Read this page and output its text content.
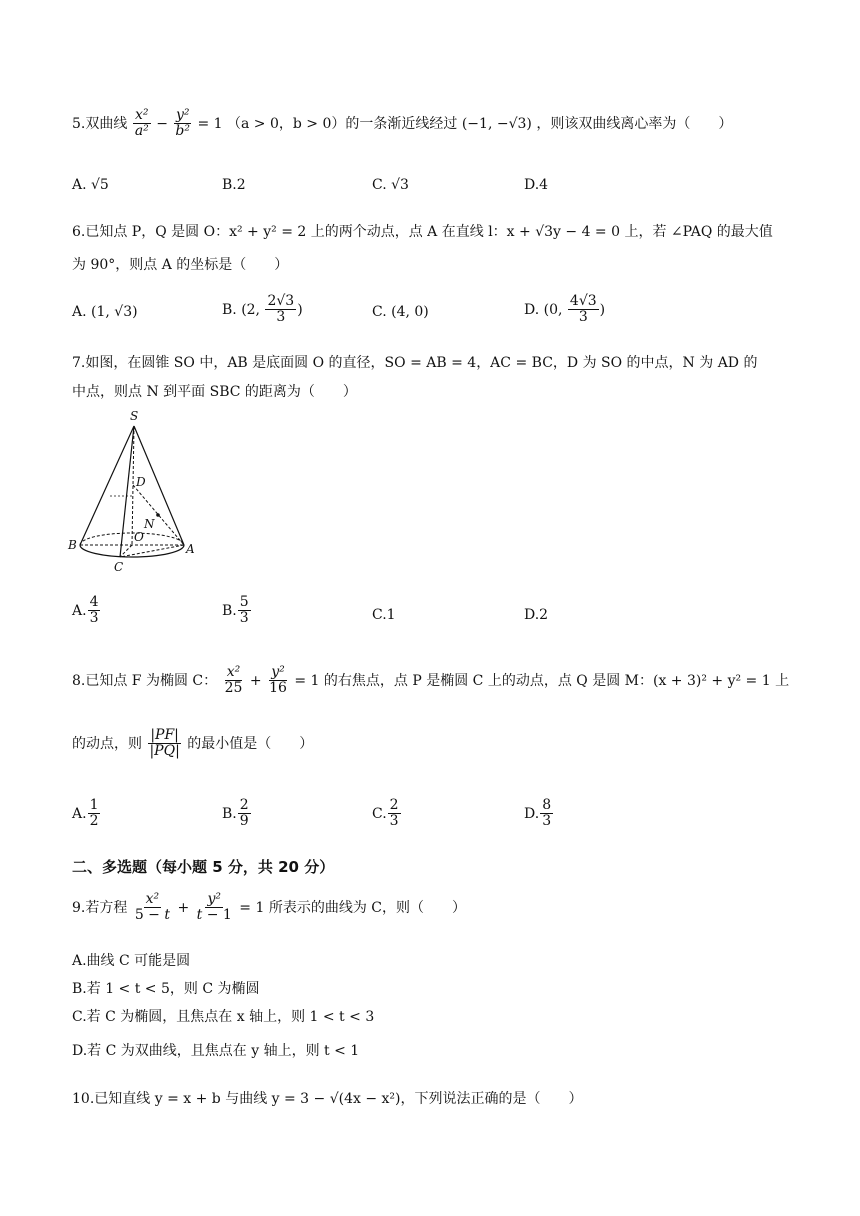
5.双曲线 $\frac{\text{x²}}{\text{a²}} - \frac{\text{y²}}{\text{b²}} = 1$ （a > 0，b > 0）的一条渐近线经过 (−1, −√3) ，则该双曲线离心率为（　　）
A. √5	B.2	C. √3	D.4
6.已知点 P，Q 是圆 O：x² + y² = 2 上的两个动点，点 A 在直线 l：x + √3y − 4 = 0 上，若 ∠PAQ 的最大值
为 90°，则点 A 的坐标是（　　）
A. (1, √3)	B. (2, $\frac{2√3}{3}$ )	C. (4, 0)	D. (0, $\frac{4√3}{3}$ )
7.如图，在圆锥 SO 中，AB 是底面圆 O 的直径，SO = AB = 4，AC = BC，D 为 SO 的中点，N 为 AD 的
中点，则点 N 到平面 SBC 的距离为（　　）
S
D
N
O
B	A
C
A. $\frac{4}{3}$	B. $\frac{5}{3}$	C.1	D.2
8.已知点 F 为椭圆 C： $\frac{\text{x²}}{25} + \frac{\text{y²}}{16} = 1$ 的右焦点，点 P 是椭圆 C 上的动点，点 Q 是圆 M：(x + 3)² + y² = 1 上
的动点，则 $\frac{|PF|}{|PQ|}$ 的最小值是（　　）
A. $\frac{1}{2}$	B. $\frac{2}{9}$	C. $\frac{2}{3}$	D. $\frac{8}{3}$
二、多选题（每小题 5 分，共 20 分）
9.若方程 $\frac{\text{x²}}{5 - t} + \frac{\text{y²}}{t - 1} = 1$ 所表示的曲线为 C，则（　　）
A.曲线 C 可能是圆
B.若 1 < t < 5，则 C 为椭圆
C.若 C 为椭圆，且焦点在 x 轴上，则 1 < t < 3
D.若 C 为双曲线，且焦点在 y 轴上，则 t < 1
10.已知直线 y = x + b 与曲线 y = 3 − √(4x − x²)，下列说法正确的是（　　）
